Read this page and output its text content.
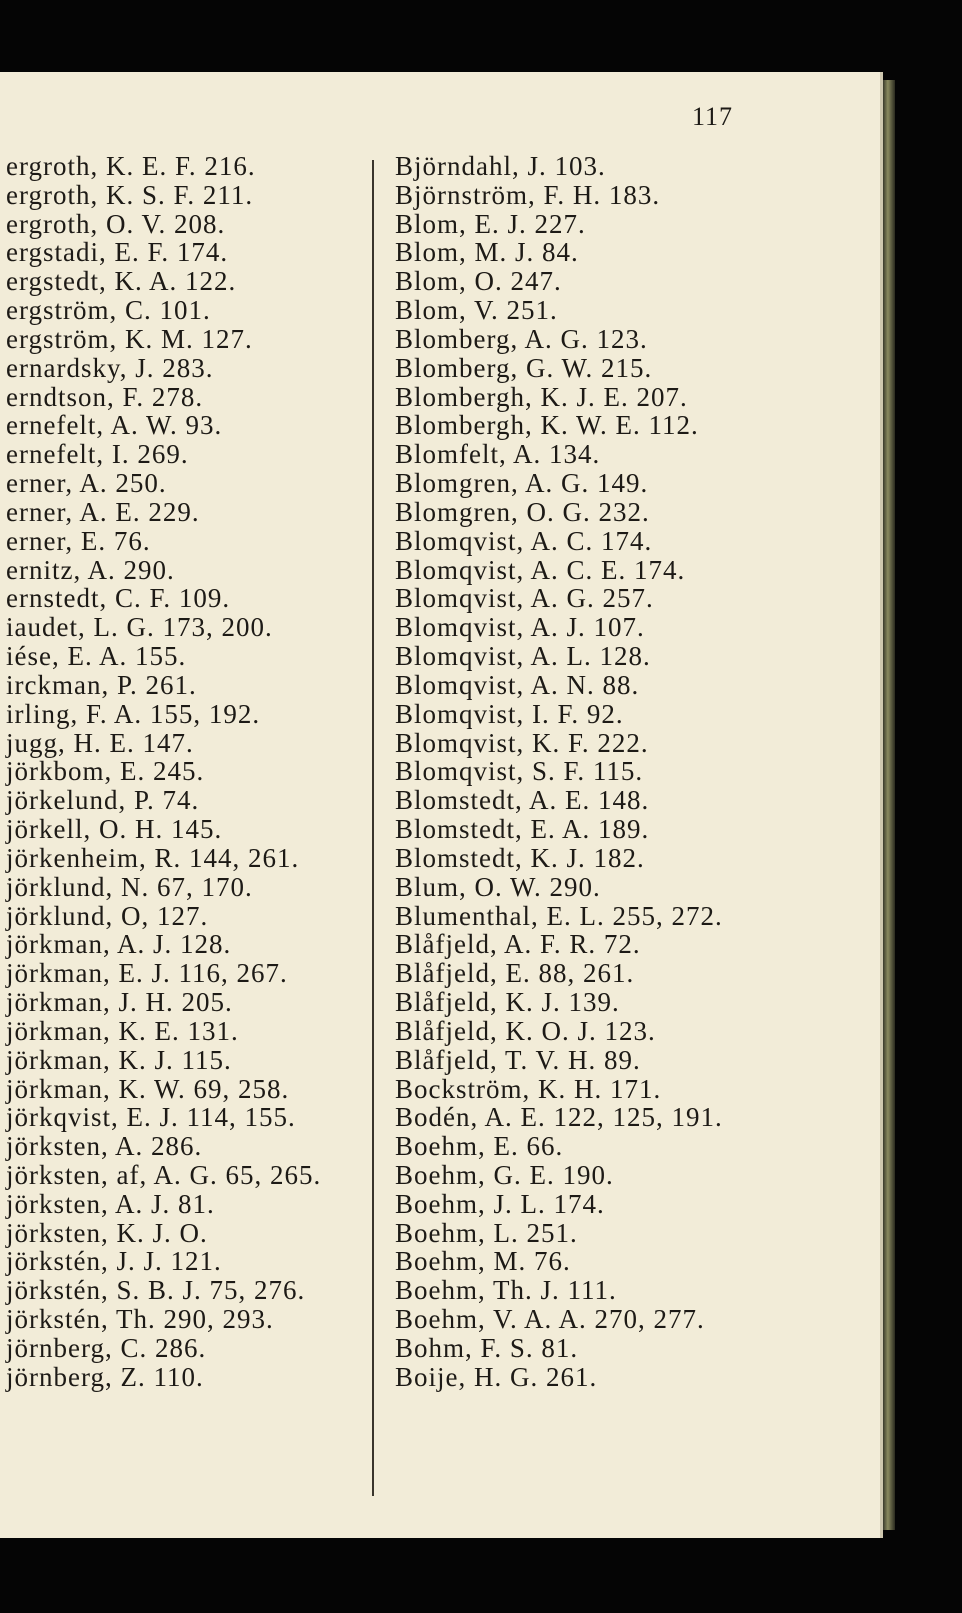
117
ergroth, K. E. F. 216.
ergroth, K. S. F. 211.
ergroth, O. V. 208.
ergstadi, E. F. 174.
ergstedt, K. A. 122.
ergström, C. 101.
ergström, K. M. 127.
ernardsky, J. 283.
erndtson, F. 278.
ernefelt, A. W. 93.
ernefelt, I. 269.
erner, A. 250.
erner, A. E. 229.
erner, E. 76.
ernitz, A. 290.
ernstedt, C. F. 109.
iaudet, L. G. 173, 200.
iése, E. A. 155.
irckman, P. 261.
irling, F. A. 155, 192.
jugg, H. E. 147.
jörkbom, E. 245.
jörkelund, P. 74.
jörkell, O. H. 145.
jörkenheim, R. 144, 261.
jörklund, N. 67, 170.
jörklund, O, 127.
jörkman, A. J. 128.
jörkman, E. J. 116, 267.
jörkman, J. H. 205.
jörkman, K. E. 131.
jörkman, K. J. 115.
jörkman, K. W. 69, 258.
jörkqvist, E. J. 114, 155.
jörksten, A. 286.
jörksten, af, A. G. 65, 265.
jörksten, A. J. 81.
jörksten, K. J. O.
jörkstén, J. J. 121.
jörkstén, S. B. J. 75, 276.
jörkstén, Th. 290, 293.
jörnberg, C. 286.
jörnberg, Z. 110.
Björndahl, J. 103.
Björnström, F. H. 183.
Blom, E. J. 227.
Blom, M. J. 84.
Blom, O. 247.
Blom, V. 251.
Blomberg, A. G. 123.
Blomberg, G. W. 215.
Blombergh, K. J. E. 207.
Blombergh, K. W. E. 112.
Blomfelt, A. 134.
Blomgren, A. G. 149.
Blomgren, O. G. 232.
Blomqvist, A. C. 174.
Blomqvist, A. C. E. 174.
Blomqvist, A. G. 257.
Blomqvist, A. J. 107.
Blomqvist, A. L. 128.
Blomqvist, A. N. 88.
Blomqvist, I. F. 92.
Blomqvist, K. F. 222.
Blomqvist, S. F. 115.
Blomstedt, A. E. 148.
Blomstedt, E. A. 189.
Blomstedt, K. J. 182.
Blum, O. W. 290.
Blumenthal, E. L. 255, 272.
Blåfjeld, A. F. R. 72.
Blåfjeld, E. 88, 261.
Blåfjeld, K. J. 139.
Blåfjeld, K. O. J. 123.
Blåfjeld, T. V. H. 89.
Bockström, K. H. 171.
Bodén, A. E. 122, 125, 191.
Boehm, E. 66.
Boehm, G. E. 190.
Boehm, J. L. 174.
Boehm, L. 251.
Boehm, M. 76.
Boehm, Th. J. 111.
Boehm, V. A. A. 270, 277.
Bohm, F. S. 81.
Boije, H. G. 261.
